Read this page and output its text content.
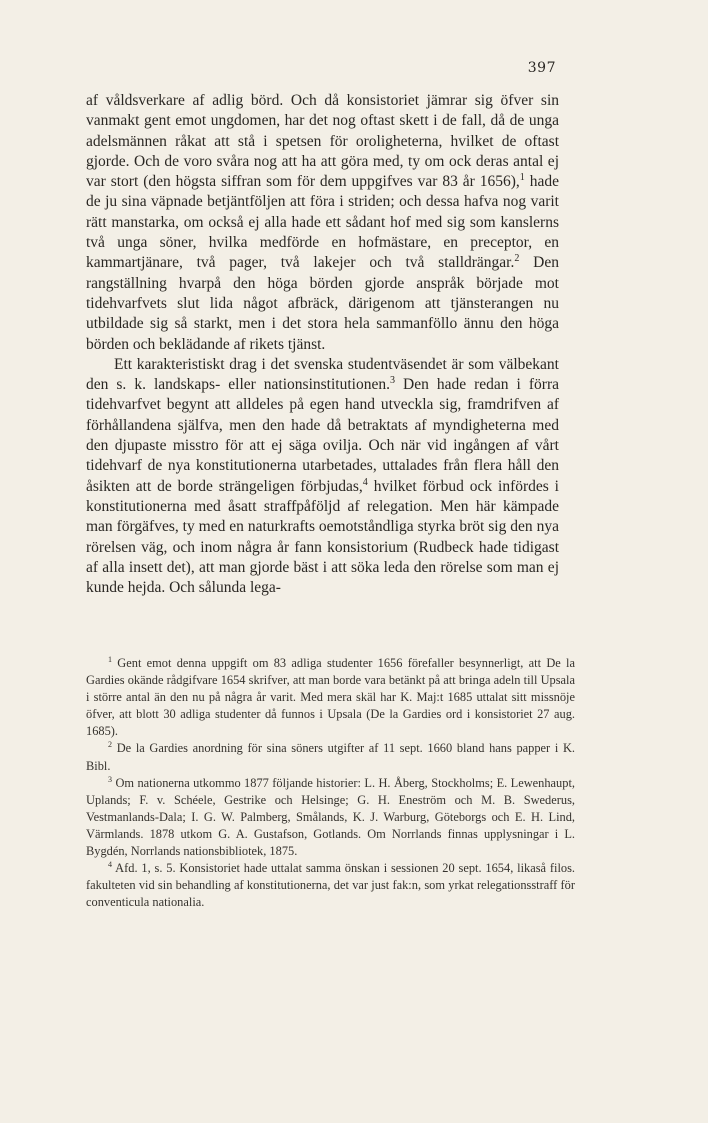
397

af våldsverkare af adlig börd. Och då konsistoriet jämrar sig öfver sin vanmakt gent emot ungdomen, har det nog oftast skett i de fall, då de unga adelsmännen råkat att stå i spetsen för oroligheterna, hvilket de oftast gjorde. Och de voro svåra nog att ha att göra med, ty om ock deras antal ej var stort (den högsta siffran som för dem uppgifves var 83 år 1656),$^1$ hade de ju sina väpnade betjäntföljen att föra i striden; och dessa hafva nog varit rätt manstarka, om också ej alla hade ett sådant hof med sig som kanslerns två unga söner, hvilka medförde en hofmästare, en preceptor, en kammartjänare, två pager, två lakejer och två stalldrängar.$^2$ Den rangställning hvarpå den höga börden gjorde anspråk började mot tidehvarfvets slut lida något afbräck, därigenom att tjänsterangen nu utbildade sig så starkt, men i det stora hela sammanföllo ännu den höga börden och beklädande af rikets tjänst.

Ett karakteristiskt drag i det svenska studentväsendet är som välbekant den s. k. landskaps- eller nationsinstitutionen.$^3$ Den hade redan i förra tidehvarfvet begynt att alldeles på egen hand utveckla sig, framdrifven af förhållandena själfva, men den hade då betraktats af myndigheterna med den djupaste misstro för att ej säga ovilja. Och när vid ingången af vårt tidehvarf de nya konstitutionerna utarbetades, uttalades från flera håll den åsikten att de borde strängeligen förbjudas,$^4$ hvilket förbud ock infördes i konstitutionerna med åsatt straffpåföljd af relegation. Men här kämpade man förgäfves, ty med en naturkrafts oemotståndliga styrka bröt sig den nya rörelsen väg, och inom några år fann konsistorium (Rudbeck hade tidigast af alla insett det), att man gjorde bäst i att söka leda den rörelse som man ej kunde hejda. Och sålunda lega-

$^1$ Gent emot denna uppgift om 83 adliga studenter 1656 förefaller besynnerligt, att De la Gardies okände rådgifvare 1654 skrifver, att man borde vara betänkt på att bringa adeln till Upsala i större antal än den nu på några år varit. Med mera skäl har K. Maj:t 1685 uttalat sitt missnöje öfver, att blott 30 adliga studenter då funnos i Upsala (De la Gardies ord i konsistoriet 27 aug. 1685).

$^2$ De la Gardies anordning för sina söners utgifter af 11 sept. 1660 bland hans papper i K. Bibl.

$^3$ Om nationerna utkommo 1877 följande historier: L. H. Åberg, Stockholms; E. Lewenhaupt, Uplands; F. v. Schéele, Gestrike och Helsinge; G. H. Eneström och M. B. Swederus, Vestmanlands-Dala; I. G. W. Palmberg, Smålands, K. J. Warburg, Göteborgs och E. H. Lind, Värmlands. 1878 utkom G. A. Gustafson, Gotlands. Om Norrlands finnas upplysningar i L. Bygdén, Norrlands nationsbibliotek, 1875.

$^4$ Afd. 1, s. 5. Konsistoriet hade uttalat samma önskan i sessionen 20 sept. 1654, likaså filos. fakulteten vid sin behandling af konstitutionerna, det var just fak:n, som yrkat relegationsstraff för conventicula nationalia.
